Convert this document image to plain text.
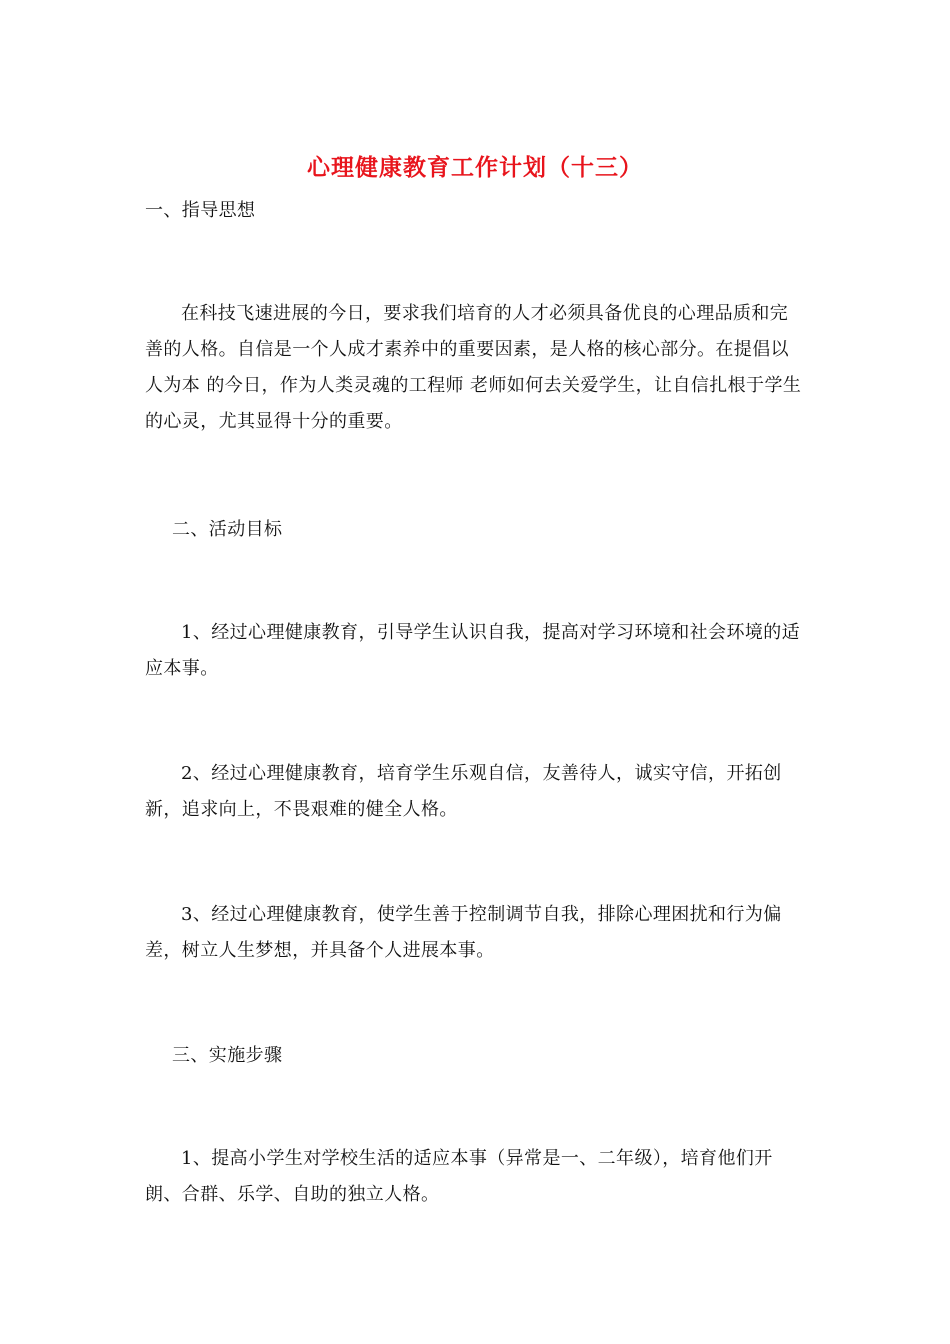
心理健康教育工作计划（十三）
一、指导思想
在科技飞速进展的今日，要求我们培育的人才必须具备优良的心理品质和完善的人格。自信是一个人成才素养中的重要因素，是人格的核心部分。在提倡以人为本 的今日，作为人类灵魂的工程师 老师如何去关爱学生，让自信扎根于学生的心灵，尤其显得十分的重要。
二、活动目标
1、经过心理健康教育，引导学生认识自我，提高对学习环境和社会环境的适应本事。
2、经过心理健康教育，培育学生乐观自信，友善待人，诚实守信，开拓创新，追求向上，不畏艰难的健全人格。
3、经过心理健康教育，使学生善于控制调节自我，排除心理困扰和行为偏差，树立人生梦想，并具备个人进展本事。
三、实施步骤
1、提高小学生对学校生活的适应本事（异常是一、二年级），培育他们开朗、合群、乐学、自助的独立人格。
